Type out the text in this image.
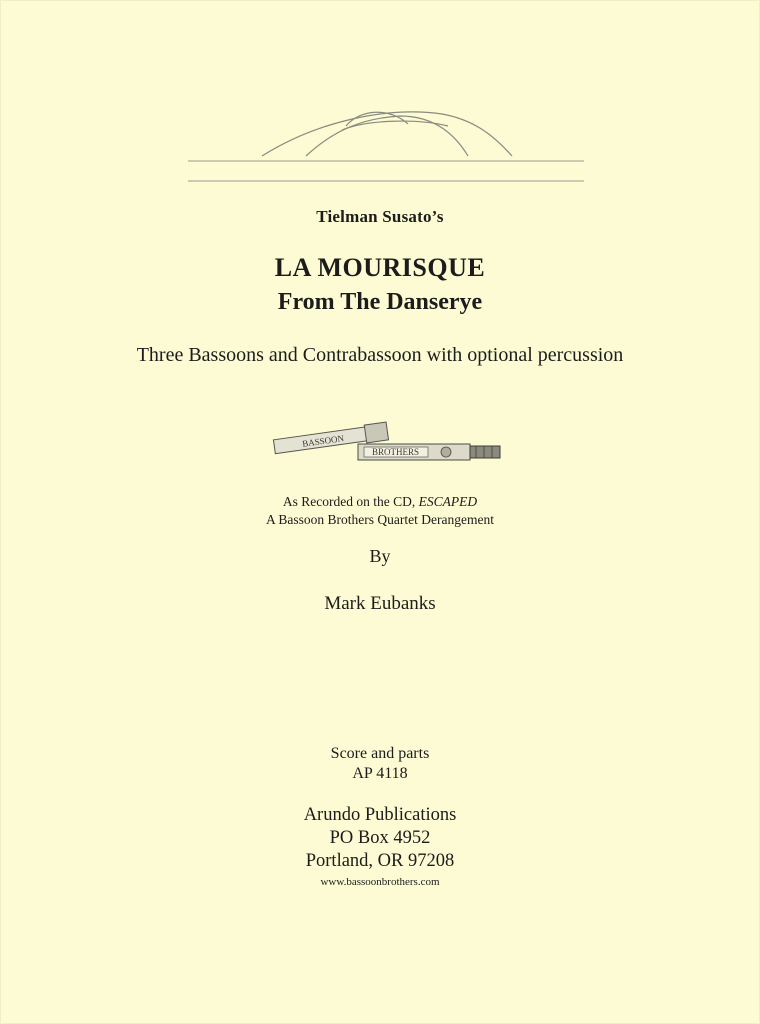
Tielman Susato’s
LA MOURISQUE
From The Danserye
Three Bassoons and Contrabassoon with optional percussion
BASSOON
BROTHERS
As Recorded on the CD, ESCAPED
A Bassoon Brothers Quartet Derangement
By
Mark Eubanks
Score and parts
AP 4118
Arundo Publications
PO Box 4952
Portland, OR 97208
www.bassoonbrothers.com
